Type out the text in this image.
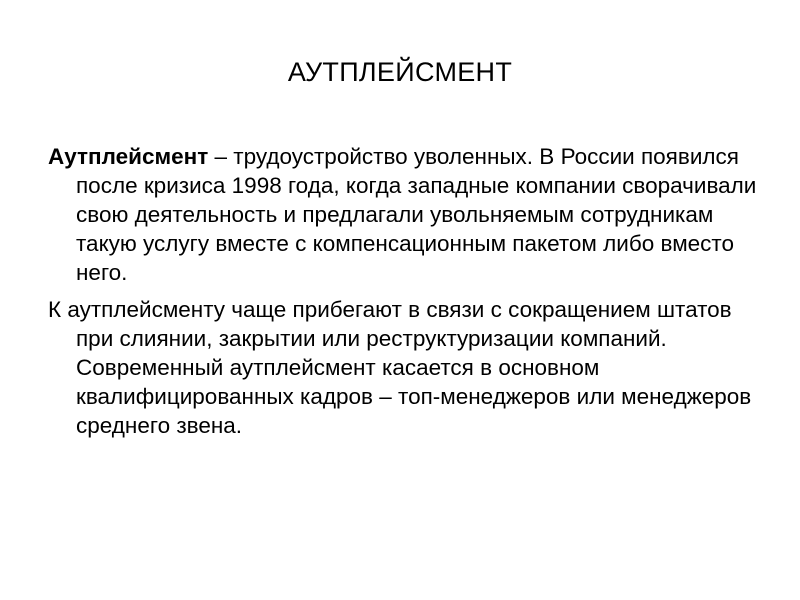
АУТПЛЕЙСМЕНТ

Аутплейсмент – трудоустройство уволенных. В России появился после кризиса 1998 года, когда западные компании сворачивали свою деятельность и предлагали увольняемым сотрудникам такую услугу вместе с компенсационным пакетом либо вместо него.

К аутплейсменту чаще прибегают в связи с сокращением штатов при слиянии, закрытии или реструктуризации компаний. Современный аутплейсмент касается в основном квалифицированных кадров – топ-менеджеров или менеджеров среднего звена.
